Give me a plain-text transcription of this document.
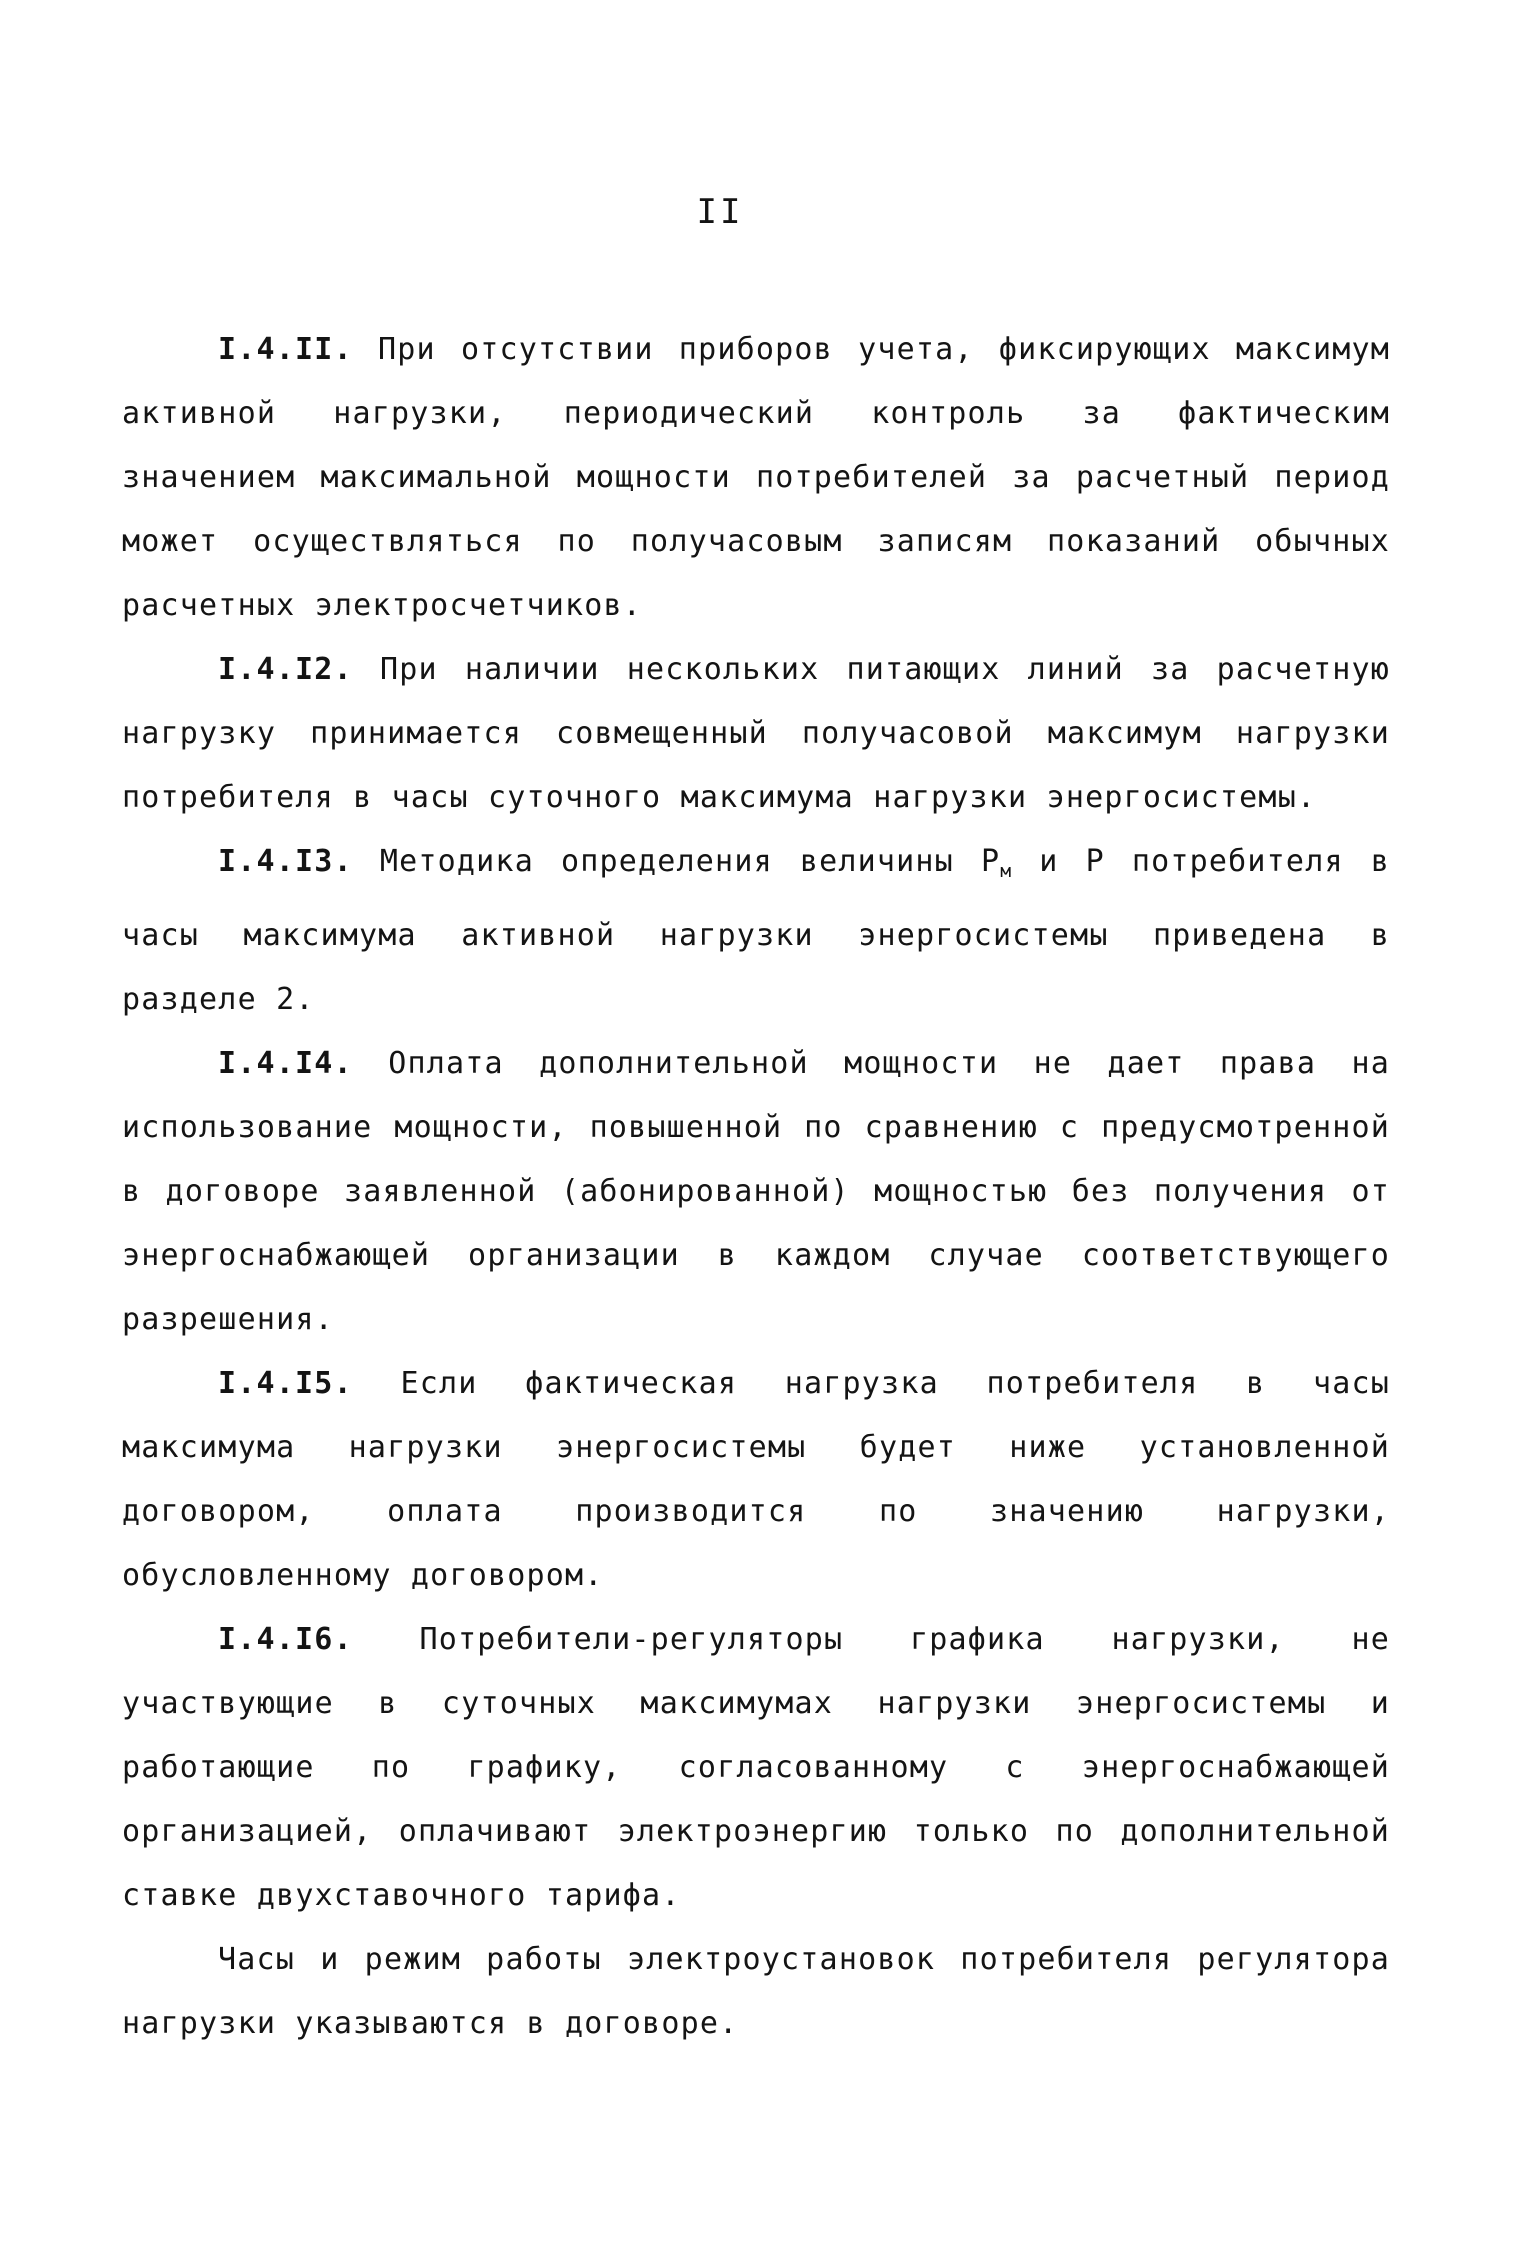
II

I.4.II. При отсутствии приборов учета, фиксирующих максимум активной нагрузки, периодический контроль за фактическим значением максимальной мощности потребителей за расчетный период может осуществляться по получасовым записям показаний обычных расчетных электросчетчиков.

I.4.I2. При наличии нескольких питающих линий за расчетную нагрузку принимается совмещенный получасовой максимум нагрузки потребителя в часы суточного максимума нагрузки энергосистемы.

I.4.I3. Методика определения величины $Р_м$ и Р потребителя в часы максимума активной нагрузки энергосистемы приведена в разделе 2.

I.4.I4. Оплата дополнительной мощности не дает права на использование мощности, повышенной по сравнению с предусмотренной в договоре заявленной (абонированной) мощностью без получения от энергоснабжающей организации в каждом случае соответствующего разрешения.

I.4.I5. Если фактическая нагрузка потребителя в часы максимума нагрузки энергосистемы будет ниже установленной договором, оплата производится по значению нагрузки, обусловленному договором.

I.4.I6. Потребители-регуляторы графика нагрузки, не участвующие в суточных максимумах нагрузки энергосистемы и работающие по графику, согласованному с энергоснабжающей организацией, оплачивают электроэнергию только по дополнительной ставке двухставочного тарифа.

Часы и режим работы электроустановок потребителя регулятора нагрузки указываются в договоре.
